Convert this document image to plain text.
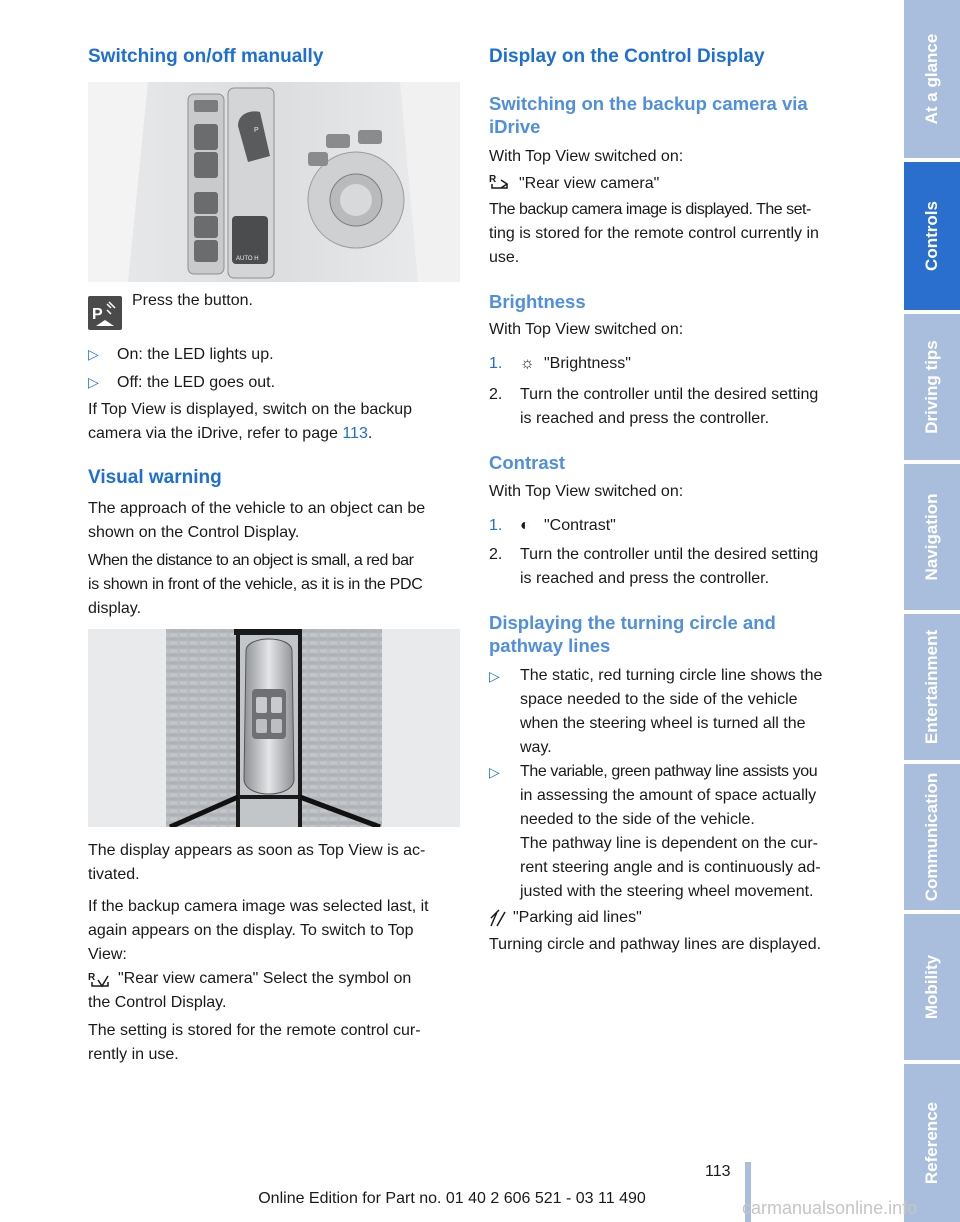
Switching on/off manually
P
AUTO H
P

Press the button.

▷ On: the LED lights up.

▷ Off: the LED goes out.

If Top View is displayed, switch on the backup

camera via the iDrive, refer to page 113.

Visual warning

The approach of the vehicle to an object can be

shown on the Control Display.

When the distance to an object is small, a red bar

is shown in front of the vehicle, as it is in the PDC

display.

The display appears as soon as Top View is ac-

tivated.

If the backup camera image was selected last, it

again appears on the display. To switch to Top

View:

R "Rear view camera" Select the symbol on

the Control Display.

The setting is stored for the remote control cur-

rently in use.

Display on the Control Display
Switching on the backup camera via
iDrive

With Top View switched on:

R "Rear view camera"

The backup camera image is displayed. The set-

ting is stored for the remote control currently in

use.

Brightness

With Top View switched on:

1. ☼ "Brightness"

2. Turn the controller until the desired setting

is reached and press the controller.

Contrast

With Top View switched on:

1. ◐ "Contrast"

2. Turn the controller until the desired setting

is reached and press the controller.

Displaying the turning circle and
pathway lines

▷	The static, red turning circle line shows the

space needed to the side of the vehicle

when the steering wheel is turned all the

way.

▷	The variable, green pathway line assists you

in assessing the amount of space actually

needed to the side of the vehicle.

The pathway line is dependent on the cur-

rent steering angle and is continuously ad-

justed with the steering wheel movement.

"Parking aid lines"

Turning circle and pathway lines are displayed.

At a glance
Controls
Driving tips
Navigation
Entertainment
Communication
Mobility
Reference
113
Online Edition for Part no. 01 40 2 606 521 - 03 11 490	carmanualsonline.info
